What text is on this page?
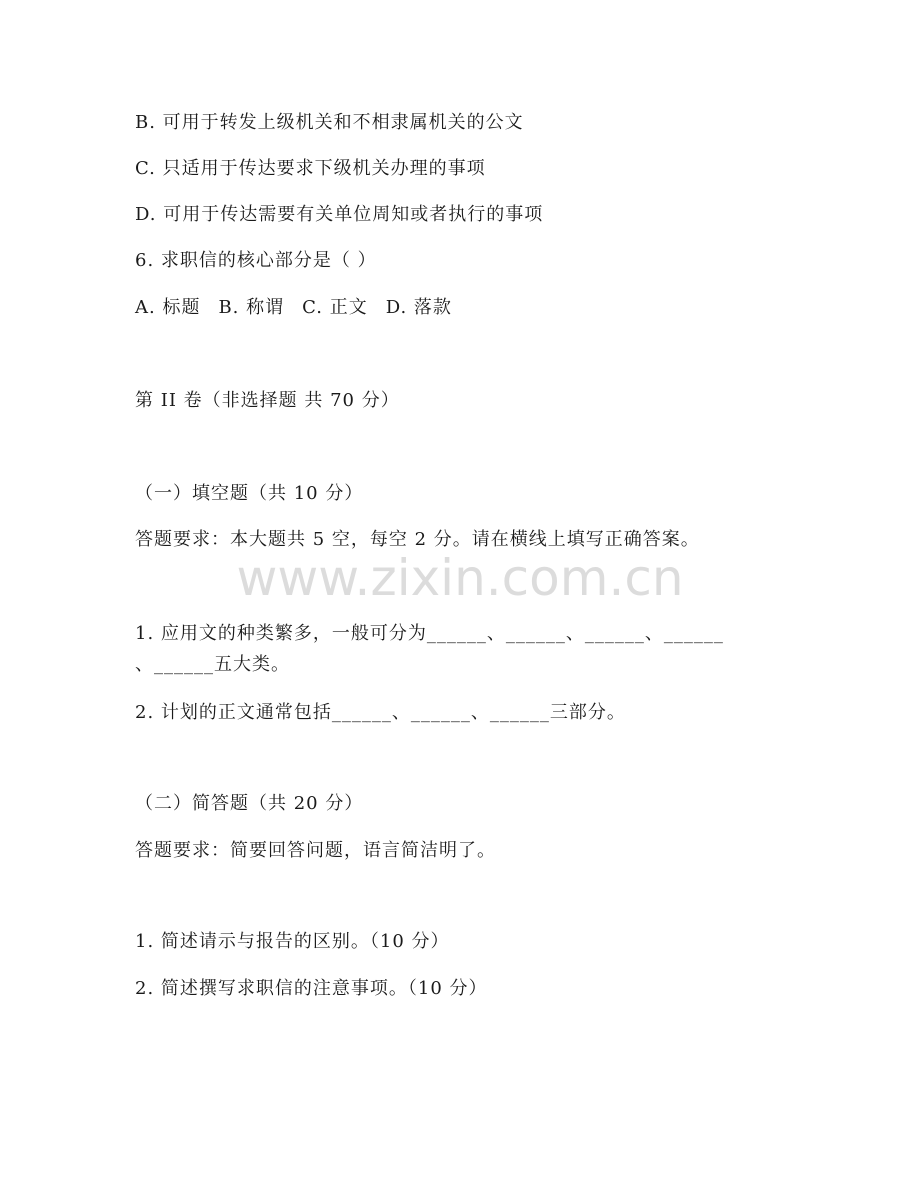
www.zixin.com.cn
B. 可用于转发上级机关和不相隶属机关的公文
C. 只适用于传达要求下级机关办理的事项
D. 可用于传达需要有关单位周知或者执行的事项
6. 求职信的核心部分是（ ）
A. 标题 B. 称谓 C. 正文 D. 落款
第 II 卷（非选择题 共 70 分）
（一）填空题（共 10 分）
答题要求：本大题共 5 空，每空 2 分。请在横线上填写正确答案。
1. 应用文的种类繁多，一般可分为______、______、______、______
、______五大类。
2. 计划的正文通常包括______、______、______三部分。
（二）简答题（共 20 分）
答题要求：简要回答问题，语言简洁明了。
1. 简述请示与报告的区别。（10 分）
2. 简述撰写求职信的注意事项。（10 分）
